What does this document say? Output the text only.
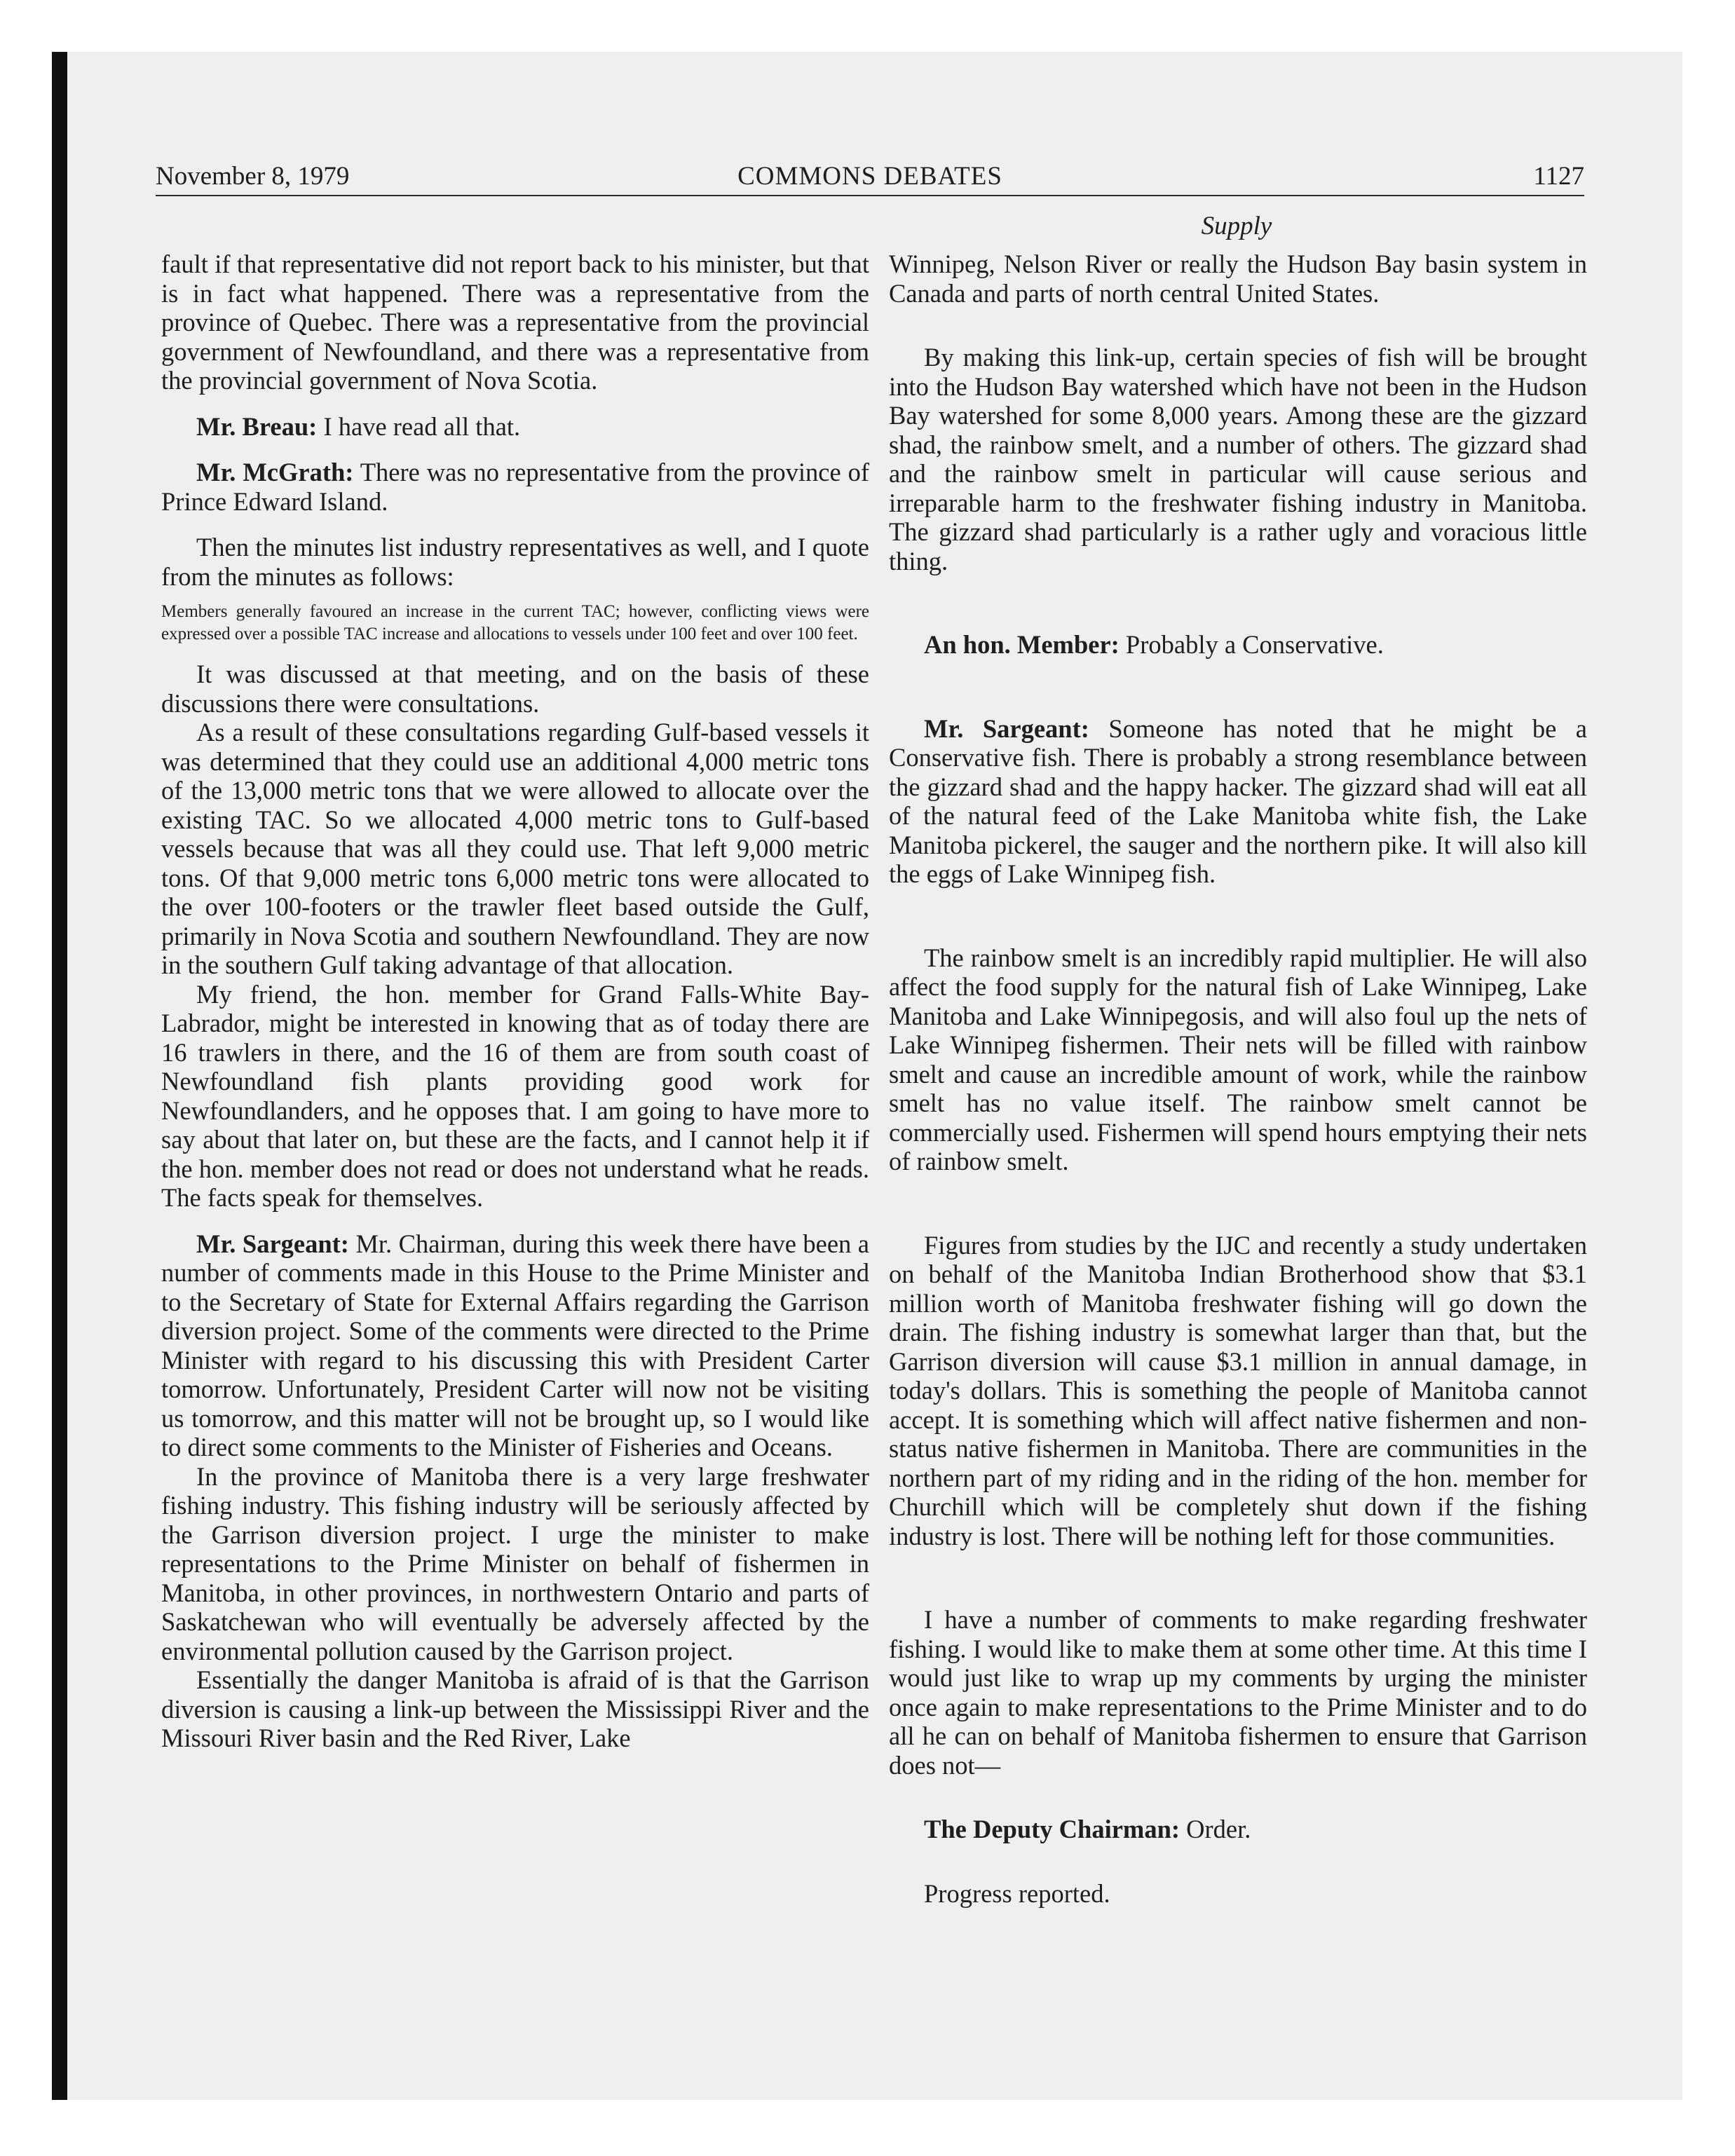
COMMONS DEBATES
November 8, 1979	1127
Supply

fault if that representative did not report back to his minister, but that is in fact what happened. There was a representative from the province of Quebec. There was a representative from the provincial government of Newfoundland, and there was a representative from the provincial government of Nova Scotia.

Mr. Breau: I have read all that.

Mr. McGrath: There was no representative from the province of Prince Edward Island.

Then the minutes list industry representatives as well, and I quote from the minutes as follows:

Members generally favoured an increase in the current TAC; however, conflicting views were expressed over a possible TAC increase and allocations to vessels under 100 feet and over 100 feet.

It was discussed at that meeting, and on the basis of these discussions there were consultations.

As a result of these consultations regarding Gulf-based vessels it was determined that they could use an additional 4,000 metric tons of the 13,000 metric tons that we were allowed to allocate over the existing TAC. So we allocated 4,000 metric tons to Gulf-based vessels because that was all they could use. That left 9,000 metric tons. Of that 9,000 metric tons 6,000 metric tons were allocated to the over 100-footers or the trawler fleet based outside the Gulf, primarily in Nova Scotia and southern Newfoundland. They are now in the southern Gulf taking advantage of that allocation.

My friend, the hon. member for Grand Falls-White Bay-Labrador, might be interested in knowing that as of today there are 16 trawlers in there, and the 16 of them are from south coast of Newfoundland fish plants providing good work for Newfoundlanders, and he opposes that. I am going to have more to say about that later on, but these are the facts, and I cannot help it if the hon. member does not read or does not understand what he reads. The facts speak for themselves.

Mr. Sargeant: Mr. Chairman, during this week there have been a number of comments made in this House to the Prime Minister and to the Secretary of State for External Affairs regarding the Garrison diversion project. Some of the comments were directed to the Prime Minister with regard to his discussing this with President Carter tomorrow. Unfortunately, President Carter will now not be visiting us tomorrow, and this matter will not be brought up, so I would like to direct some comments to the Minister of Fisheries and Oceans.

In the province of Manitoba there is a very large freshwater fishing industry. This fishing industry will be seriously affected by the Garrison diversion project. I urge the minister to make representations to the Prime Minister on behalf of fishermen in Manitoba, in other provinces, in northwestern Ontario and parts of Saskatchewan who will eventually be adversely affected by the environmental pollution caused by the Garrison project.

Essentially the danger Manitoba is afraid of is that the Garrison diversion is causing a link-up between the Mississippi River and the Missouri River basin and the Red River, Lake

Winnipeg, Nelson River or really the Hudson Bay basin system in Canada and parts of north central United States.

By making this link-up, certain species of fish will be brought into the Hudson Bay watershed which have not been in the Hudson Bay watershed for some 8,000 years. Among these are the gizzard shad, the rainbow smelt, and a number of others. The gizzard shad and the rainbow smelt in particular will cause serious and irreparable harm to the freshwater fishing industry in Manitoba. The gizzard shad particularly is a rather ugly and voracious little thing.

An hon. Member: Probably a Conservative.

Mr. Sargeant: Someone has noted that he might be a Conservative fish. There is probably a strong resemblance between the gizzard shad and the happy hacker. The gizzard shad will eat all of the natural feed of the Lake Manitoba white fish, the Lake Manitoba pickerel, the sauger and the northern pike. It will also kill the eggs of Lake Winnipeg fish.

The rainbow smelt is an incredibly rapid multiplier. He will also affect the food supply for the natural fish of Lake Winnipeg, Lake Manitoba and Lake Winnipegosis, and will also foul up the nets of Lake Winnipeg fishermen. Their nets will be filled with rainbow smelt and cause an incredible amount of work, while the rainbow smelt has no value itself. The rainbow smelt cannot be commercially used. Fishermen will spend hours emptying their nets of rainbow smelt.

Figures from studies by the IJC and recently a study undertaken on behalf of the Manitoba Indian Brotherhood show that $3.1 million worth of Manitoba freshwater fishing will go down the drain. The fishing industry is somewhat larger than that, but the Garrison diversion will cause $3.1 million in annual damage, in today's dollars. This is something the people of Manitoba cannot accept. It is something which will affect native fishermen and non-status native fishermen in Manitoba. There are communities in the northern part of my riding and in the riding of the hon. member for Churchill which will be completely shut down if the fishing industry is lost. There will be nothing left for those communities.

I have a number of comments to make regarding freshwater fishing. I would like to make them at some other time. At this time I would just like to wrap up my comments by urging the minister once again to make representations to the Prime Minister and to do all he can on behalf of Manitoba fishermen to ensure that Garrison does not—

The Deputy Chairman: Order.

Progress reported.
